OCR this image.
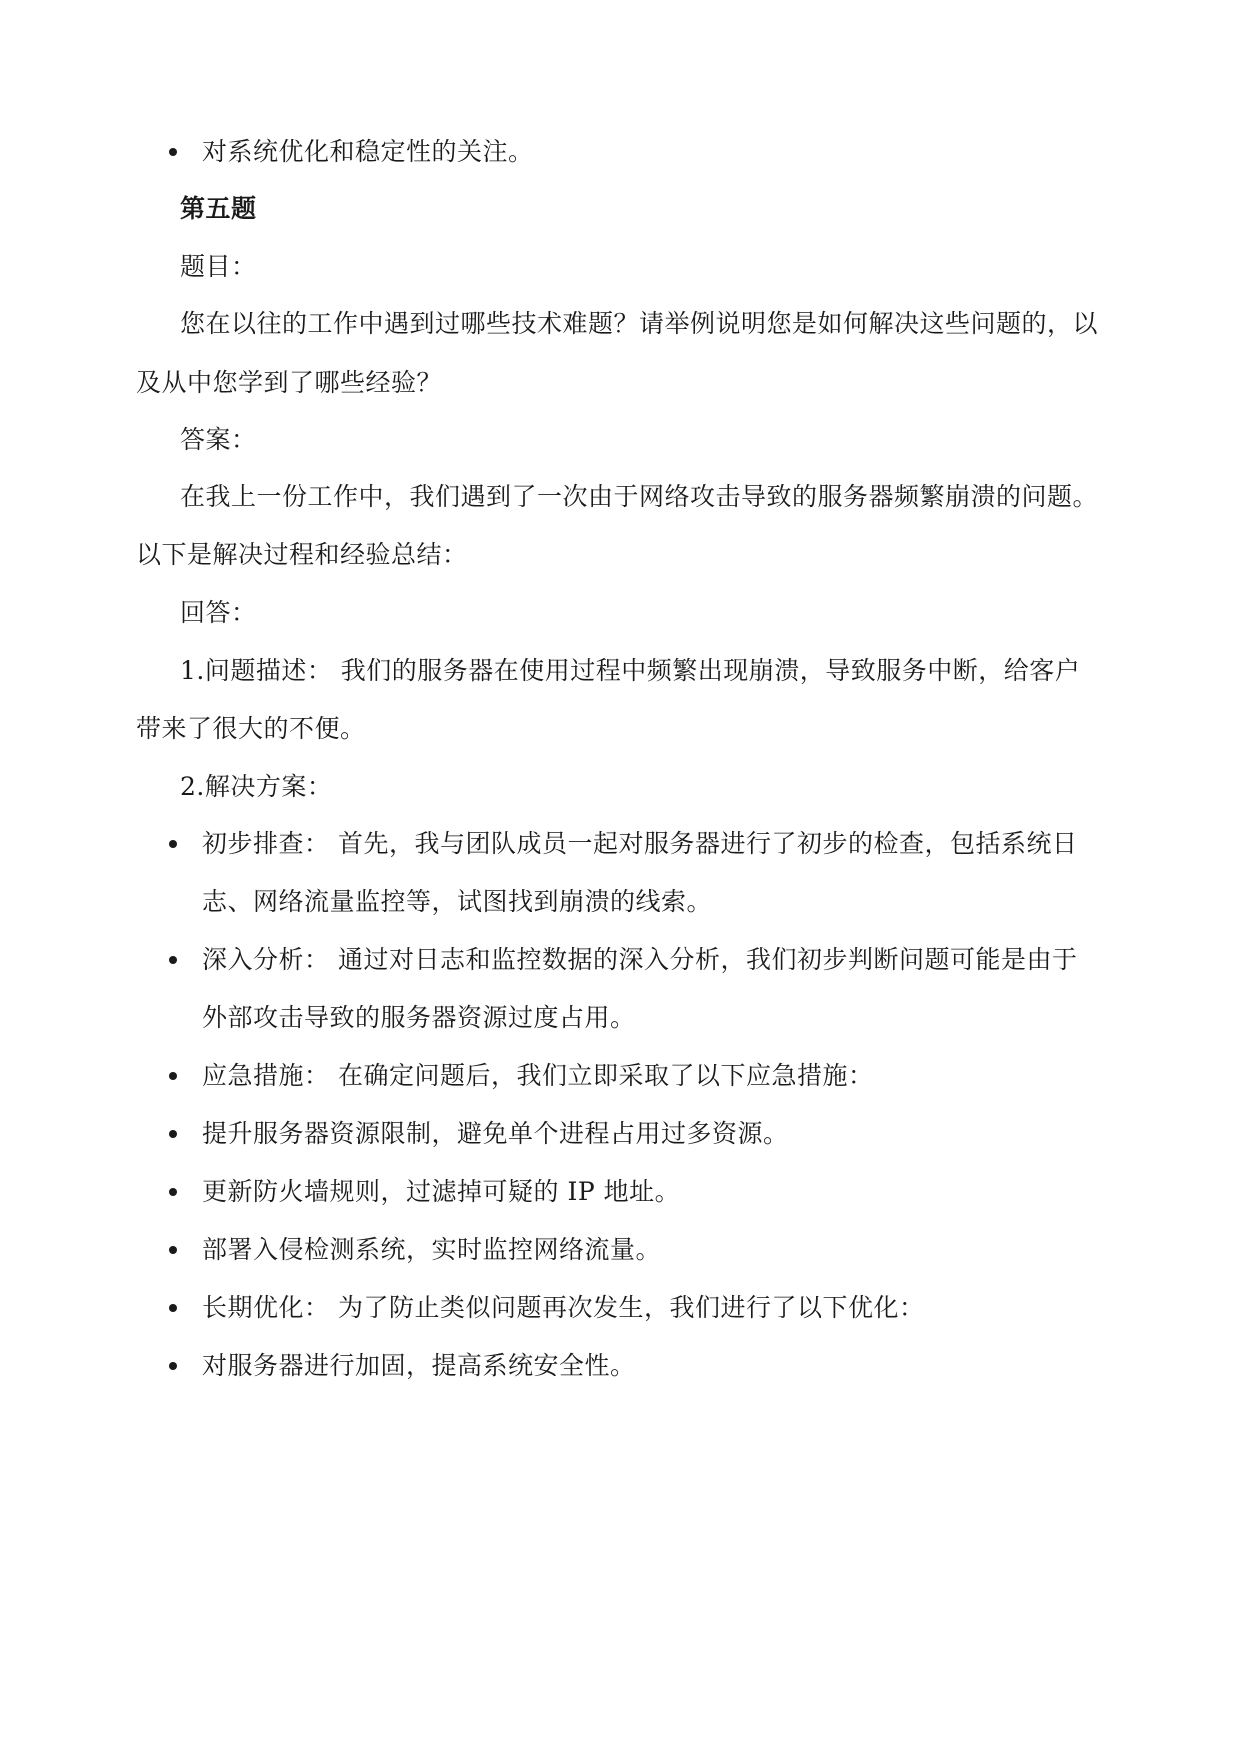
对系统优化和稳定性的关注。
第五题
题目：
您在以往的工作中遇到过哪些技术难题？请举例说明您是如何解决这些问题的，以
及从中您学到了哪些经验？
答案：
在我上一份工作中，我们遇到了一次由于网络攻击导致的服务器频繁崩溃的问题。
以下是解决过程和经验总结：
回答：
1.问题描述： 我们的服务器在使用过程中频繁出现崩溃，导致服务中断，给客户
带来了很大的不便。
2.解决方案：
初步排查： 首先，我与团队成员一起对服务器进行了初步的检查，包括系统日
志、网络流量监控等，试图找到崩溃的线索。
深入分析： 通过对日志和监控数据的深入分析，我们初步判断问题可能是由于
外部攻击导致的服务器资源过度占用。
应急措施： 在确定问题后，我们立即采取了以下应急措施：
提升服务器资源限制，避免单个进程占用过多资源。
更新防火墙规则，过滤掉可疑的 IP 地址。
部署入侵检测系统，实时监控网络流量。
长期优化： 为了防止类似问题再次发生，我们进行了以下优化：
对服务器进行加固，提高系统安全性。
